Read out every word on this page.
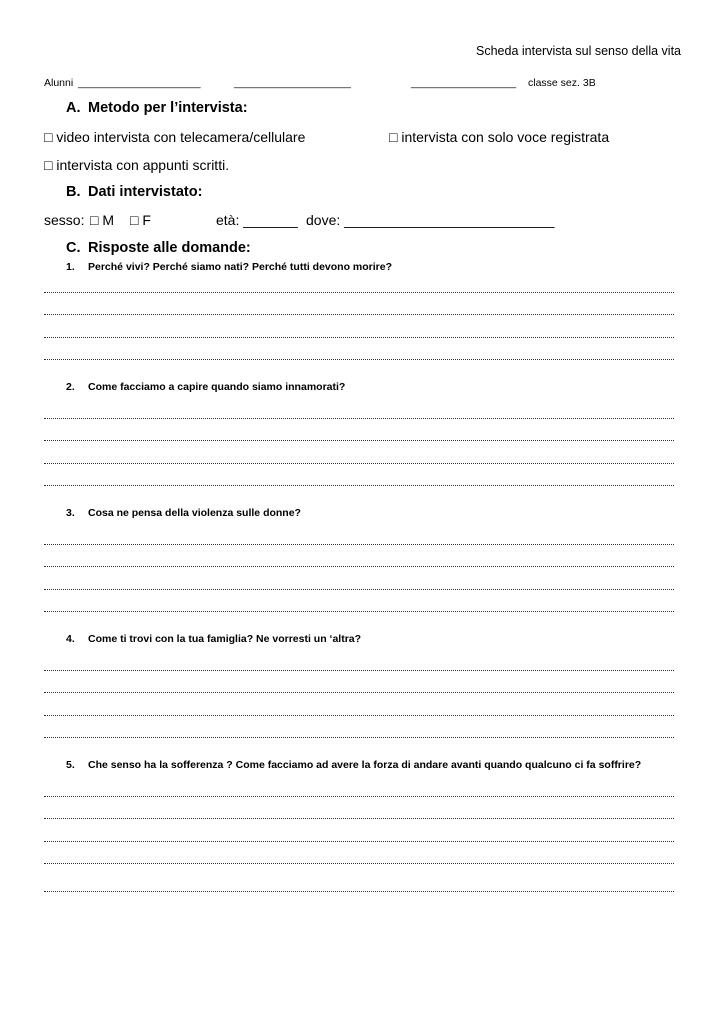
Scheda intervista sul senso della vita
Alunni _____________________	____________________	__________________ classe sez. 3B
A. Metodo per l’intervista:
□ video intervista con telecamera/cellulare	□ intervista con solo voce registrata
□ intervista con appunti scritti.
B. Dati intervistato:
sesso: □ M □ F	età: _______ dove: ___________________________
C. Risposte alle domande:
1. Perché vivi? Perché siamo nati? Perché tutti devono morire?
2. Come facciamo a capire quando siamo innamorati?
3. Cosa ne pensa della violenza sulle donne?
4. Come ti trovi con la tua famiglia? Ne vorresti un ‘altra?
5. Che senso ha la sofferenza ? Come facciamo ad avere la forza di andare avanti quando qualcuno ci fa soffrire?
